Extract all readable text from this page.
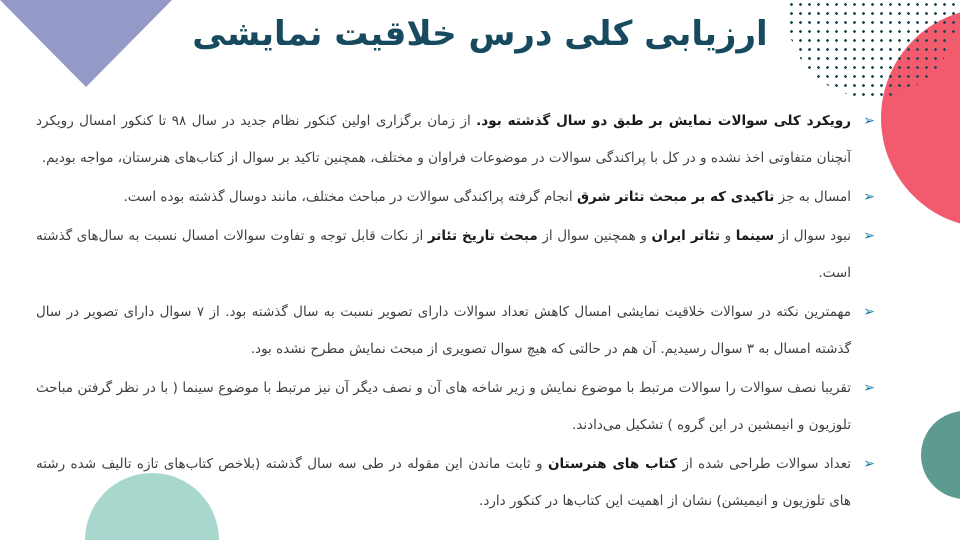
ارزیابی کلی درس خلاقیت نمایشی
➢
رویکرد کلی سوالات نمایش بر طبق دو سال گذشته بود. از زمان برگزاری اولین کنکور نظام جدید در سال ۹۸ تا کنکور امسال رویکرد آنچنان متفاوتی اخذ نشده و در کل با پراکندگی سوالات در موضوعات فراوان و مختلف، همچنین تاکید بر سوال از کتاب‌های هنرستان، مواجه بودیم.
➢
امسال به جز تاکیدی که بر مبحث تئاتر شرق انجام گرفته پراکندگی سوالات در مباحث مختلف، مانند دوسال گذشته بوده است.
➢
نبود سوال از سینما و تئاتر ایران و همچنین سوال از مبحث تاریخ تئاتر از نکات قابل توجه و تفاوت سوالات امسال نسبت به سال‌های گذشته است.
➢
مهمترین نکته در سوالات خلاقیت نمایشی امسال کاهش تعداد سوالات دارای تصویر نسبت به سال گذشته بود. از ۷ سوال دارای تصویر در سال گذشته امسال به ۳ سوال رسیدیم. آن هم در حالتی که هیچ سوال تصویری از مبحث نمایش مطرح نشده بود.
➢
تقریبا نصف سوالات را سوالات مرتبط با موضوع نمایش و زیر شاخه های آن و نصف دیگر آن نیز مرتبط با موضوع سینما ( با در نظر گرفتن مباحث تلوزیون و انیمشین در این گروه ) تشکیل می‌دادند.
➢
تعداد سوالات طراحی شده از کتاب های هنرستان و ثابت ماندن این مقوله در طی سه سال گذشته (بلاخص کتاب‌های تازه تالیف شده رشته های تلوزیون و انیمیشن) نشان از اهمیت این کتاب‌ها در کنکور دارد.
